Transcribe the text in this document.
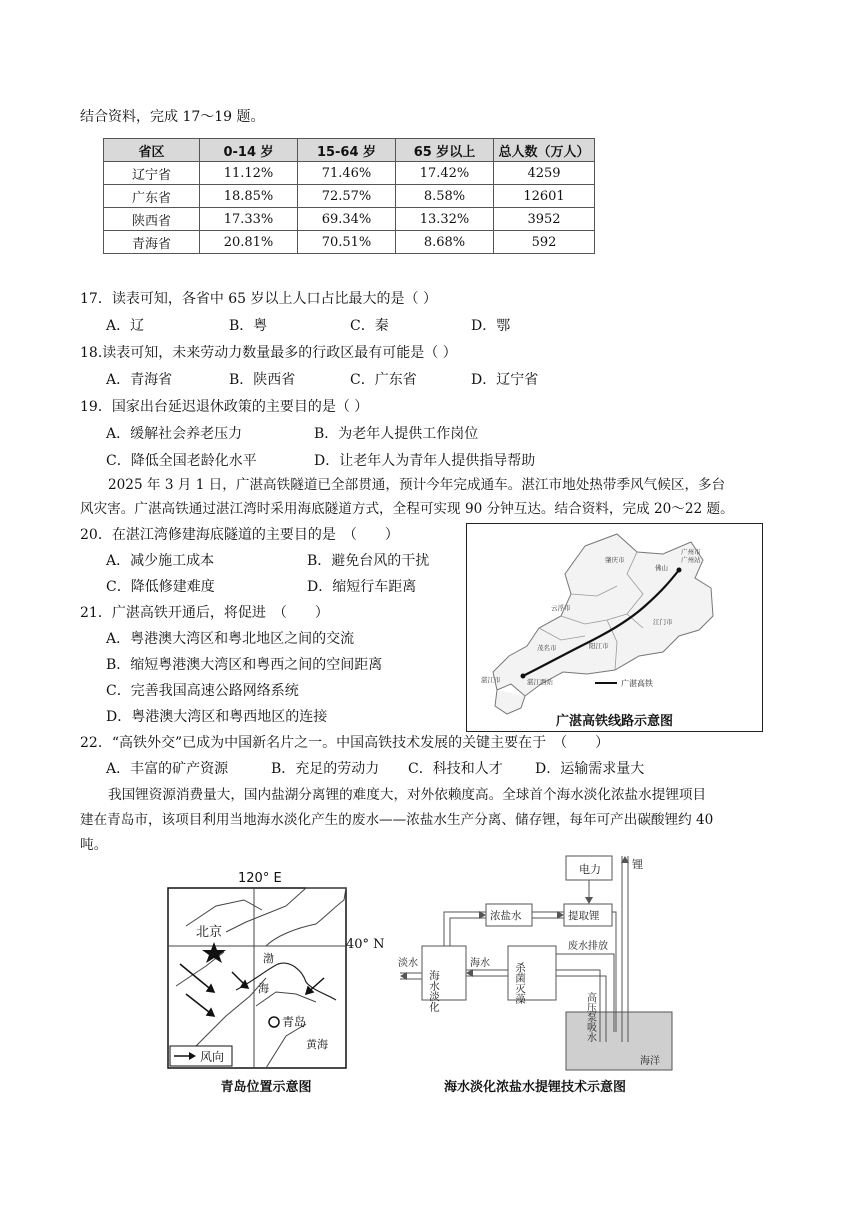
结合资料，完成 17～19 题。
省区	0-14 岁	15-64 岁	65 岁以上	总人数（万人）
辽宁省	11.12%	71.46%	17.42%	4259
广东省	18.85%	72.57%	8.58%	12601
陕西省	17.33%	69.34%	13.32%	3952
青海省	20.81%	70.51%	8.68%	592
17．读表可知，各省中 65 岁以上人口占比最大的是（ ）
A．辽	B．粤	C．秦	D．鄂
18.读表可知，未来劳动力数量最多的行政区最有可能是（ ）
A．青海省	B．陕西省	C．广东省	D．辽宁省
19．国家出台延迟退休政策的主要目的是（ ）
A．缓解社会养老压力	B．为老年人提供工作岗位
C．降低全国老龄化水平	D．让老年人为青年人提供指导帮助
2025 年 3 月 1 日，广湛高铁隧道已全部贯通，预计今年完成通车。湛江市地处热带季风气候区，多台
风灾害。广湛高铁通过湛江湾时采用海底隧道方式，全程可实现 90 分钟互达。结合资料，完成 20～22 题。
20．在湛江湾修建海底隧道的主要目的是　（　　）
A．减少施工成本	B．避免台风的干扰
C．降低修建难度	D．缩短行车距离
21．广湛高铁开通后，将促进　（　　）
A．粤港澳大湾区和粤北地区之间的交流
B．缩短粤港澳大湾区和粤西之间的空间距离
C．完善我国高速公路网络系统
D．粤港澳大湾区和粤西地区的连接
肇庆市
佛山
广州站
广州市
云浮市
茂名市
江门市
阳江市
湛江市	湛江西站	广湛高铁
广湛高铁线路示意图
22．“高铁外交”已成为中国新名片之一。中国高铁技术发展的关键主要在于　（　　）
A．丰富的矿产资源	B．充足的劳动力 C．科技和人才 D．运输需求量大
我国锂资源消费量大，国内盐湖分离锂的难度大，对外依赖度高。全球首个海水淡化浓盐水提锂项目
建在青岛市，该项目利用当地海水淡化产生的废水——浓盐水生产分离、储存锂，每年可产出碳酸锂约 40
吨。
120° E
北京
渤
海
青岛
黄海
风向
40° N
青岛位置示意图
电力	锂
浓盐水	提取锂
淡水
海水淡化
海水 杀菌灭藻
废水排放
高压泵吸水
海洋
海水淡化浓盐水提锂技术示意图
